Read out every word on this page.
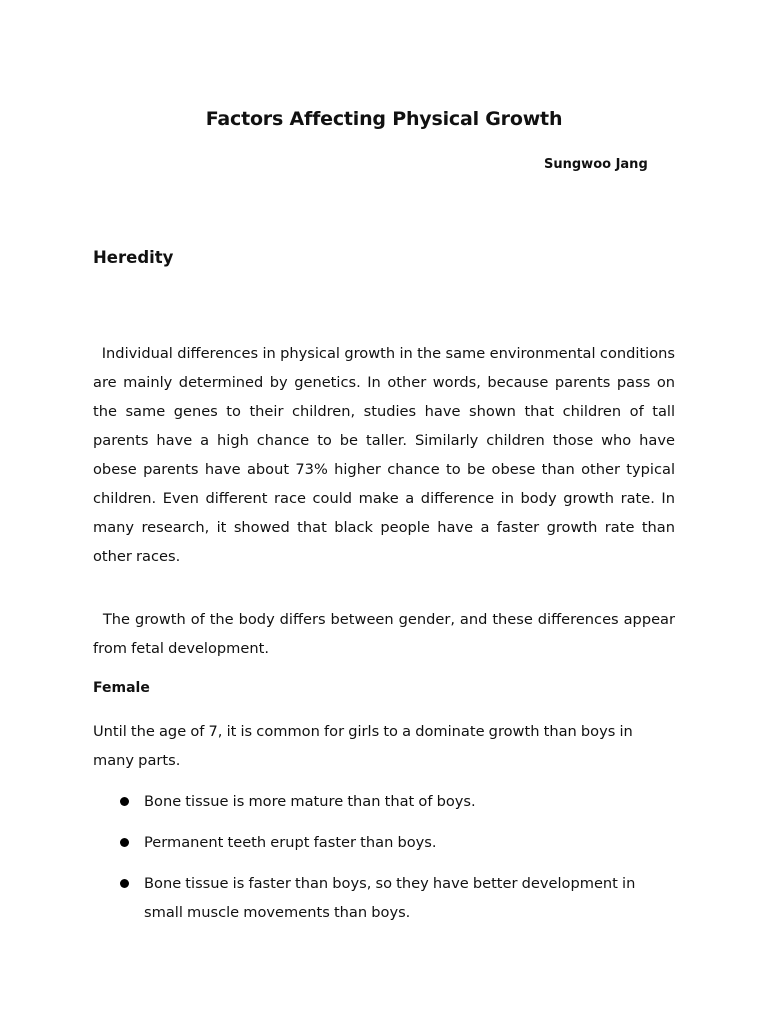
Factors Affecting Physical Growth

Sungwoo Jang

Heredity

Individual differences in physical growth in the same environmental conditions are mainly determined by genetics. In other words, because parents pass on the same genes to their children, studies have shown that children of tall parents have a high chance to be taller. Similarly children those who have obese parents have about 73% higher chance to be obese than other typical children. Even different race could make a difference in body growth rate. In many research, it showed that black people have a faster growth rate than other races.

The growth of the body differs between gender, and these differences appear from fetal development.

Female

Until the age of 7, it is common for girls to a dominate growth than boys in many parts.

Bone tissue is more mature than that of boys.
Permanent teeth erupt faster than boys.
Bone tissue is faster than boys, so they have better development in small muscle movements than boys.
